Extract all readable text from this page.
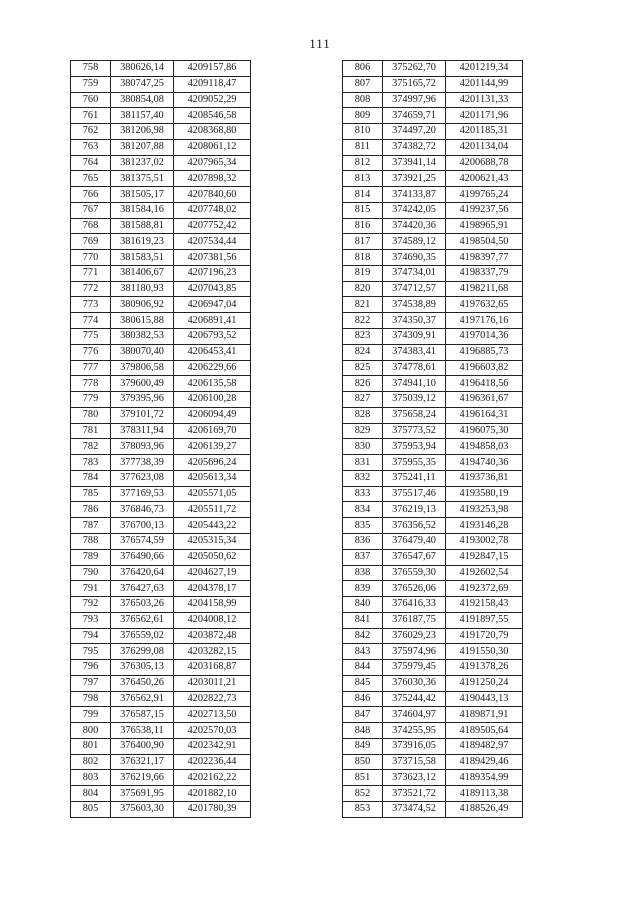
111
758	380626,14	4209157,86
759	380747,25	4209118,47
760	380854,08	4209052,29
761	381157,40	4208546,58
762	381206,98	4208368,80
763	381207,88	4208061,12
764	381237,02	4207965,34
765	381375,51	4207898,32
766	381505,17	4207840,60
767	381584,16	4207748,02
768	381588,81	4207752,42
769	381619,23	4207534,44
770	381583,51	4207381,56
771	381406,67	4207196,23
772	381180,93	4207043,85
773	380906,92	4206947,04
774	380615,88	4206891,41
775	380382,53	4206793,52
776	380070,40	4206453,41
777	379806,58	4206229,66
778	379600,49	4206135,58
779	379395,96	4206100,28
780	379101,72	4206094,49
781	378311,94	4206169,70
782	378093,96	4206139,27
783	377738,39	4205696,24
784	377623,08	4205613,34
785	377169,53	4205571,05
786	376846,73	4205511,72
787	376700,13	4205443,22
788	376574,59	4205315,34
789	376490,66	4205050,62
790	376420,64	4204627,19
791	376427,63	4204378,17
792	376503,26	4204158,99
793	376562,61	4204008,12
794	376559,02	4203872,48
795	376299,08	4203282,15
796	376305,13	4203168,87
797	376450,26	4203011,21
798	376562,91	4202822,73
799	376587,15	4202713,50
800	376538,11	4202570,03
801	376400,90	4202342,91
802	376321,17	4202236,44
803	376219,66	4202162,22
804	375691,95	4201882,10
805	375603,30	4201780,39
806	375262,70	4201219,34
807	375165,72	4201144,99
808	374997,96	4201131,33
809	374659,71	4201171,96
810	374497,20	4201185,31
811	374382,72	4201134,04
812	373941,14	4200688,78
813	373921,25	4200621,43
814	374133,87	4199765,24
815	374242,05	4199237,56
816	374420,36	4198965,91
817	374589,12	4198504,50
818	374690,35	4198397,77
819	374734,01	4198337,79
820	374712,57	4198211,68
821	374538,89	4197632,65
822	374350,37	4197176,16
823	374309,91	4197014,36
824	374383,41	4196885,73
825	374778,61	4196603,82
826	374941,10	4196418,56
827	375039,12	4196361,67
828	375658,24	4196164,31
829	375773,52	4196075,30
830	375953,94	4194858,03
831	375955,35	4194740,36
832	375241,11	4193736,81
833	375517,46	4193580,19
834	376219,13	4193253,98
835	376356,52	4193146,28
836	376479,40	4193002,78
837	376547,67	4192847,15
838	376559,30	4192602,54
839	376526,06	4192372,69
840	376416,33	4192158,43
841	376187,75	4191897,55
842	376029,23	4191720,79
843	375974,96	4191550,30
844	375979,45	4191378,26
845	376030,36	4191250,24
846	375244,42	4190443,13
847	374604,97	4189871,91
848	374255,95	4189505,64
849	373916,05	4189482,97
850	373715,58	4189429,46
851	373623,12	4189354,99
852	373521,72	4189113,38
853	373474,52	4188526,49
